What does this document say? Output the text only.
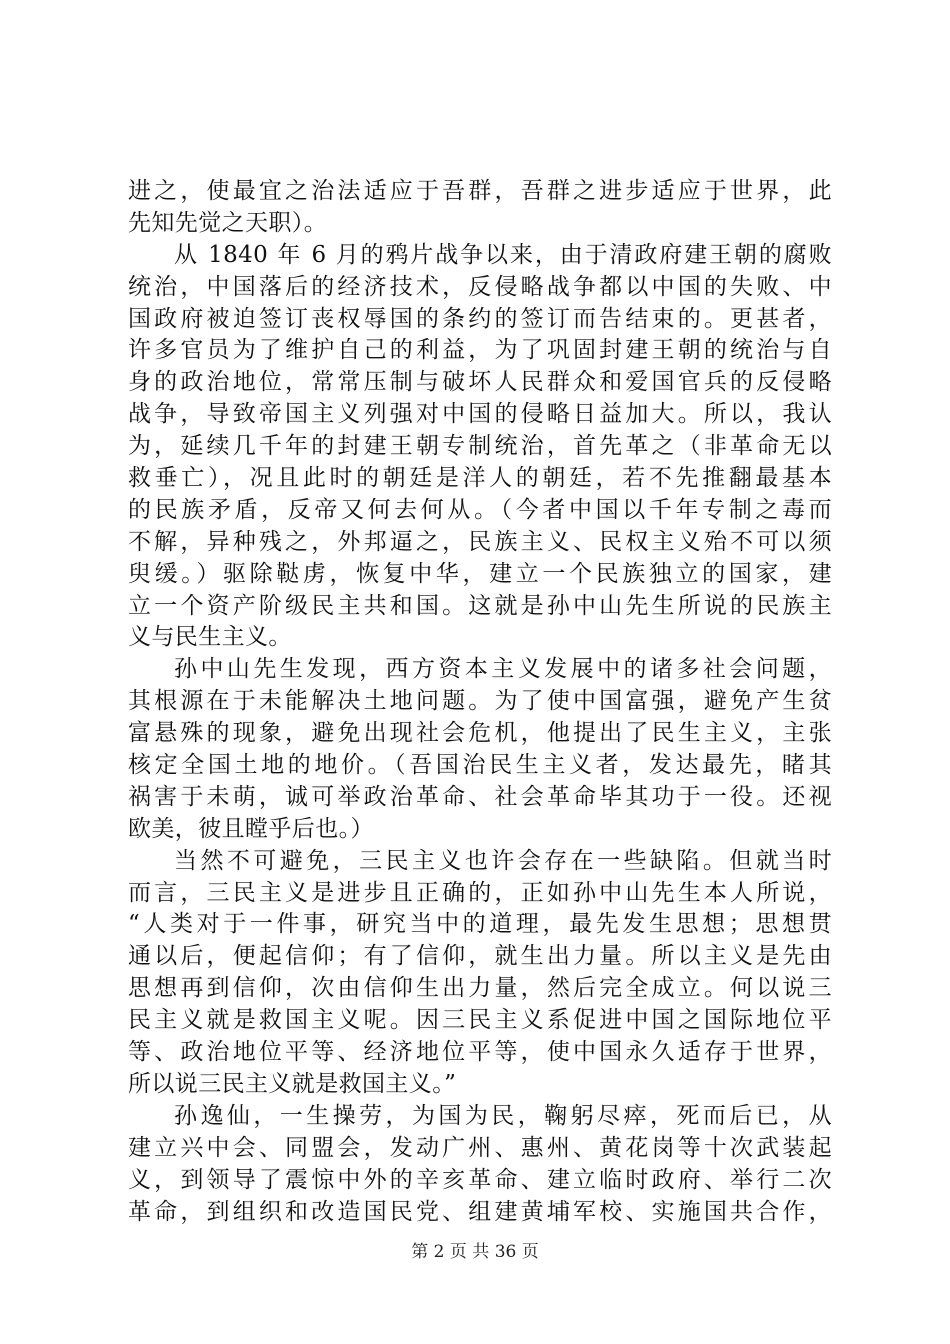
进之，使最宜之治法适应于吾群，吾群之进步适应于世界，此
先知先觉之天职）。
从 1840 年 6 月的鸦片战争以来，由于清政府建王朝的腐败
统治，中国落后的经济技术，反侵略战争都以中国的失败、中
国政府被迫签订丧权辱国的条约的签订而告结束的。更甚者，
许多官员为了维护自己的利益，为了巩固封建王朝的统治与自
身的政治地位，常常压制与破坏人民群众和爱国官兵的反侵略
战争，导致帝国主义列强对中国的侵略日益加大。所以，我认
为，延续几千年的封建王朝专制统治，首先革之（非革命无以
救垂亡），况且此时的朝廷是洋人的朝廷，若不先推翻最基本
的民族矛盾，反帝又何去何从。（今者中国以千年专制之毒而
不解，异种残之，外邦逼之，民族主义、民权主义殆不可以须
臾缓。）驱除鞑虏，恢复中华，建立一个民族独立的国家，建
立一个资产阶级民主共和国。这就是孙中山先生所说的民族主
义与民生主义。
孙中山先生发现，西方资本主义发展中的诸多社会问题，
其根源在于未能解决土地问题。为了使中国富强，避免产生贫
富悬殊的现象，避免出现社会危机，他提出了民生主义，主张
核定全国土地的地价。（吾国治民生主义者，发达最先，睹其
祸害于未萌，诚可举政治革命、社会革命毕其功于一役。还视
欧美，彼且瞠乎后也。）
当然不可避免，三民主义也许会存在一些缺陷。但就当时
而言，三民主义是进步且正确的，正如孙中山先生本人所说，
“人类对于一件事，研究当中的道理，最先发生思想；思想贯
通以后，便起信仰；有了信仰，就生出力量。所以主义是先由
思想再到信仰，次由信仰生出力量，然后完全成立。何以说三
民主义就是救国主义呢。因三民主义系促进中国之国际地位平
等、政治地位平等、经济地位平等，使中国永久适存于世界，
所以说三民主义就是救国主义。”
孙逸仙，一生操劳，为国为民，鞠躬尽瘁，死而后已，从
建立兴中会、同盟会，发动广州、惠州、黄花岗等十次武装起
义，到领导了震惊中外的辛亥革命、建立临时政府、举行二次
革命，到组织和改造国民党、组建黄埔军校、实施国共合作，
第 2 页 共 36 页
